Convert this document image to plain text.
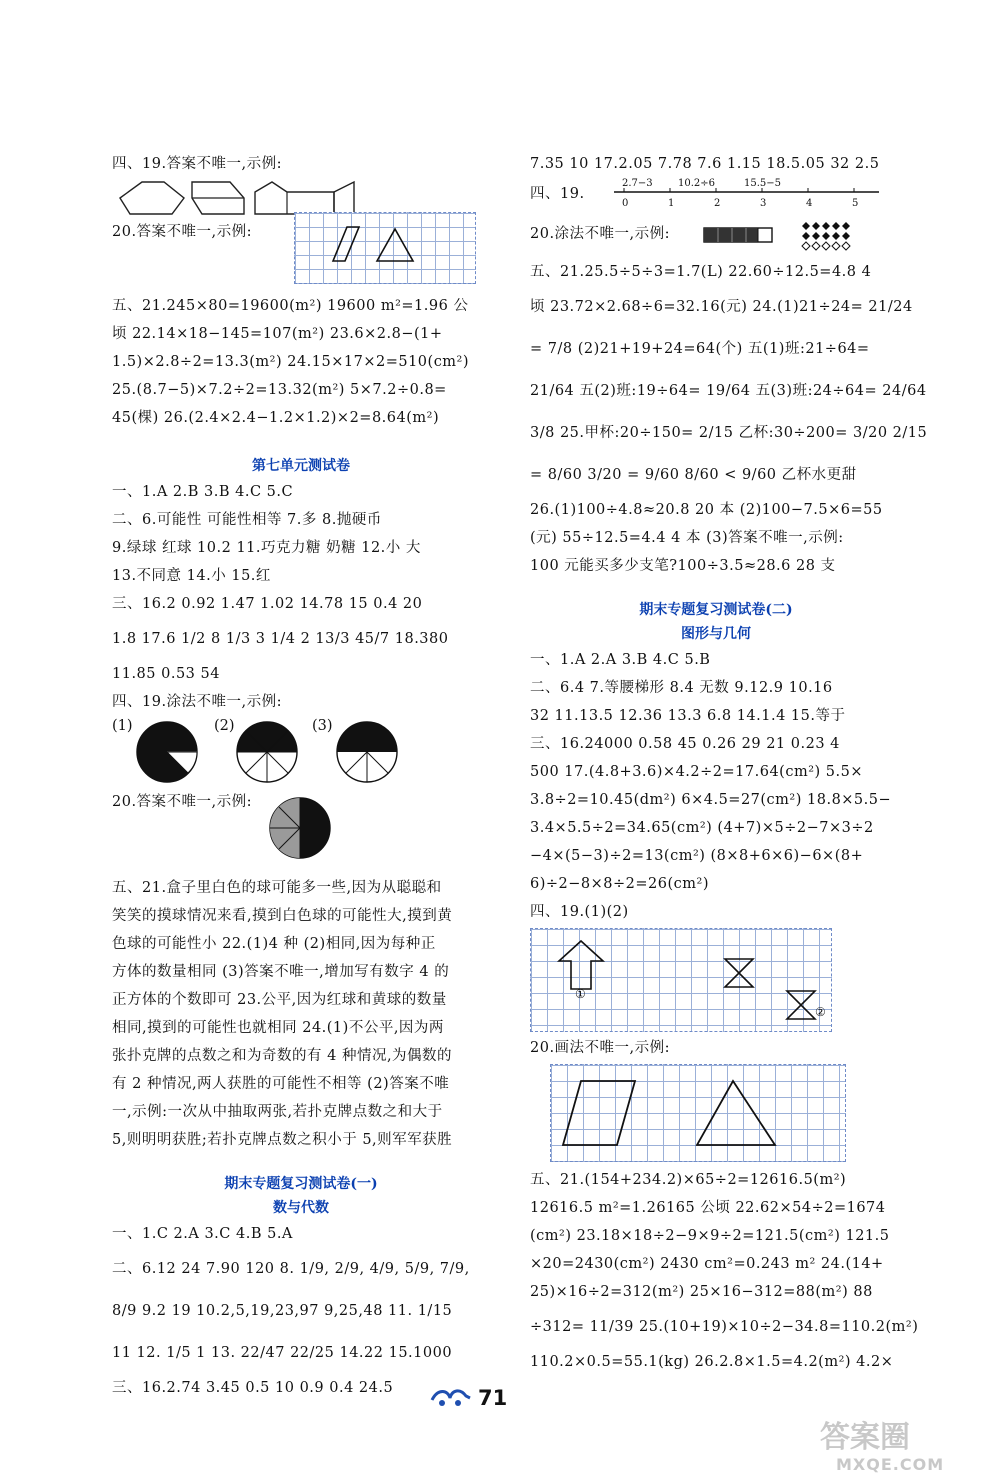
四、19.答案不唯一,示例:
20.答案不唯一,示例:
五、21.245×80=19600(m²) 19600 m²=1.96 公
顷 22.14×18−145=107(m²) 23.6×2.8−(1+
1.5)×2.8÷2=13.3(m²) 24.15×17×2=510(cm²)
25.(8.7−5)×7.2÷2=13.32(m²) 5×7.2÷0.8=
45(棵) 26.(2.4×2.4−1.2×1.2)×2=8.64(m²)
第七单元测试卷
一、1.A 2.B 3.B 4.C 5.C
二、6.可能性 可能性相等 7.多 8.抛硬币
9.绿球 红球 10.2 11.巧克力糖 奶糖 12.小 大
13.不同意 14.小 15.红
三、16.2 0.92 1.47 1.02 14.78 15 0.4 20
1.8 17.6 1/2 8 1/3 3 1/4 2 13/3 45/7 18.380
11.85 0.53 54
四、19.涂法不唯一,示例:
(1)	(2)	(3)
20.答案不唯一,示例:
五、21.盒子里白色的球可能多一些,因为从聪聪和
笑笑的摸球情况来看,摸到白色球的可能性大,摸到黄
色球的可能性小 22.(1)4 种 (2)相同,因为每种正
方体的数量相同 (3)答案不唯一,增加写有数字 4 的
正方体的个数即可 23.公平,因为红球和黄球的数量
相同,摸到的可能性也就相同 24.(1)不公平,因为两
张扑克牌的点数之和为奇数的有 4 种情况,为偶数的
有 2 种情况,两人获胜的可能性不相等 (2)答案不唯
一,示例:一次从中抽取两张,若扑克牌点数之和大于
5,则明明获胜;若扑克牌点数之积小于 5,则军军获胜
期末专题复习测试卷(一)
数与代数
一、1.C 2.A 3.C 4.B 5.A
二、6.12 24 7.90 120 8. 1/9, 2/9, 4/9, 5/9, 7/9,
8/9 9.2 19 10.2,5,19,23,97 9,25,48 11. 1/15
11 12. 1/5 1 13. 22/47 22/25 14.22 15.1000
三、16.2.74 3.45 0.5 10 0.9 0.4 24.5
7.35 10 17.2.05 7.78 7.6 1.15 18.5.05 32 2.5
四、19.
2.7−3	10.2÷6	15.5−5
0	1	2	3	4	5
20.涂法不唯一,示例:
五、21.25.5÷5÷3=1.7(L) 22.60÷12.5=4.8 4
顷 23.72×2.68÷6=32.16(元) 24.(1)21÷24= 21/24
= 7/8 (2)21+19+24=64(个) 五(1)班:21÷64=
21/64 五(2)班:19÷64= 19/64 五(3)班:24÷64= 24/64
3/8 25.甲杯:20÷150= 2/15 乙杯:30÷200= 3/20 2/15
= 8/60 3/20 = 9/60 8/60 < 9/60 乙杯水更甜
26.(1)100÷4.8≈20.8 20 本 (2)100−7.5×6=55
(元) 55÷12.5=4.4 4 本 (3)答案不唯一,示例:
100 元能买多少支笔?100÷3.5≈28.6 28 支
期末专题复习测试卷(二)
图形与几何
一、1.A 2.A 3.B 4.C 5.B
二、6.4 7.等腰梯形 8.4 无数 9.12.9 10.16
32 11.13.5 12.36 13.3 6.8 14.1.4 15.等于
三、16.24000 0.58 45 0.26 29 21 0.23 4
500 17.(4.8+3.6)×4.2÷2=17.64(cm²) 5.5×
3.8÷2=10.45(dm²) 6×4.5=27(cm²) 18.8×5.5−
3.4×5.5÷2=34.65(cm²) (4+7)×5÷2−7×3÷2
−4×(5−3)÷2=13(cm²) (8×8+6×6)−6×(8+
6)÷2−8×8÷2=26(cm²)
四、19.(1)(2)
①
②
20.画法不唯一,示例:
五、21.(154+234.2)×65÷2=12616.5(m²)
12616.5 m²=1.26165 公顷 22.62×54÷2=1674
(cm²) 23.18×18÷2−9×9÷2=121.5(cm²) 121.5
×20=2430(cm²) 2430 cm²=0.243 m² 24.(14+
25)×16÷2=312(m²) 25×16−312=88(m²) 88
÷312= 11/39 25.(10+19)×10÷2−34.8=110.2(m²)
110.2×0.5=55.1(kg) 26.2.8×1.5=4.2(m²) 4.2×
71
答案圈
MXQE.COM
